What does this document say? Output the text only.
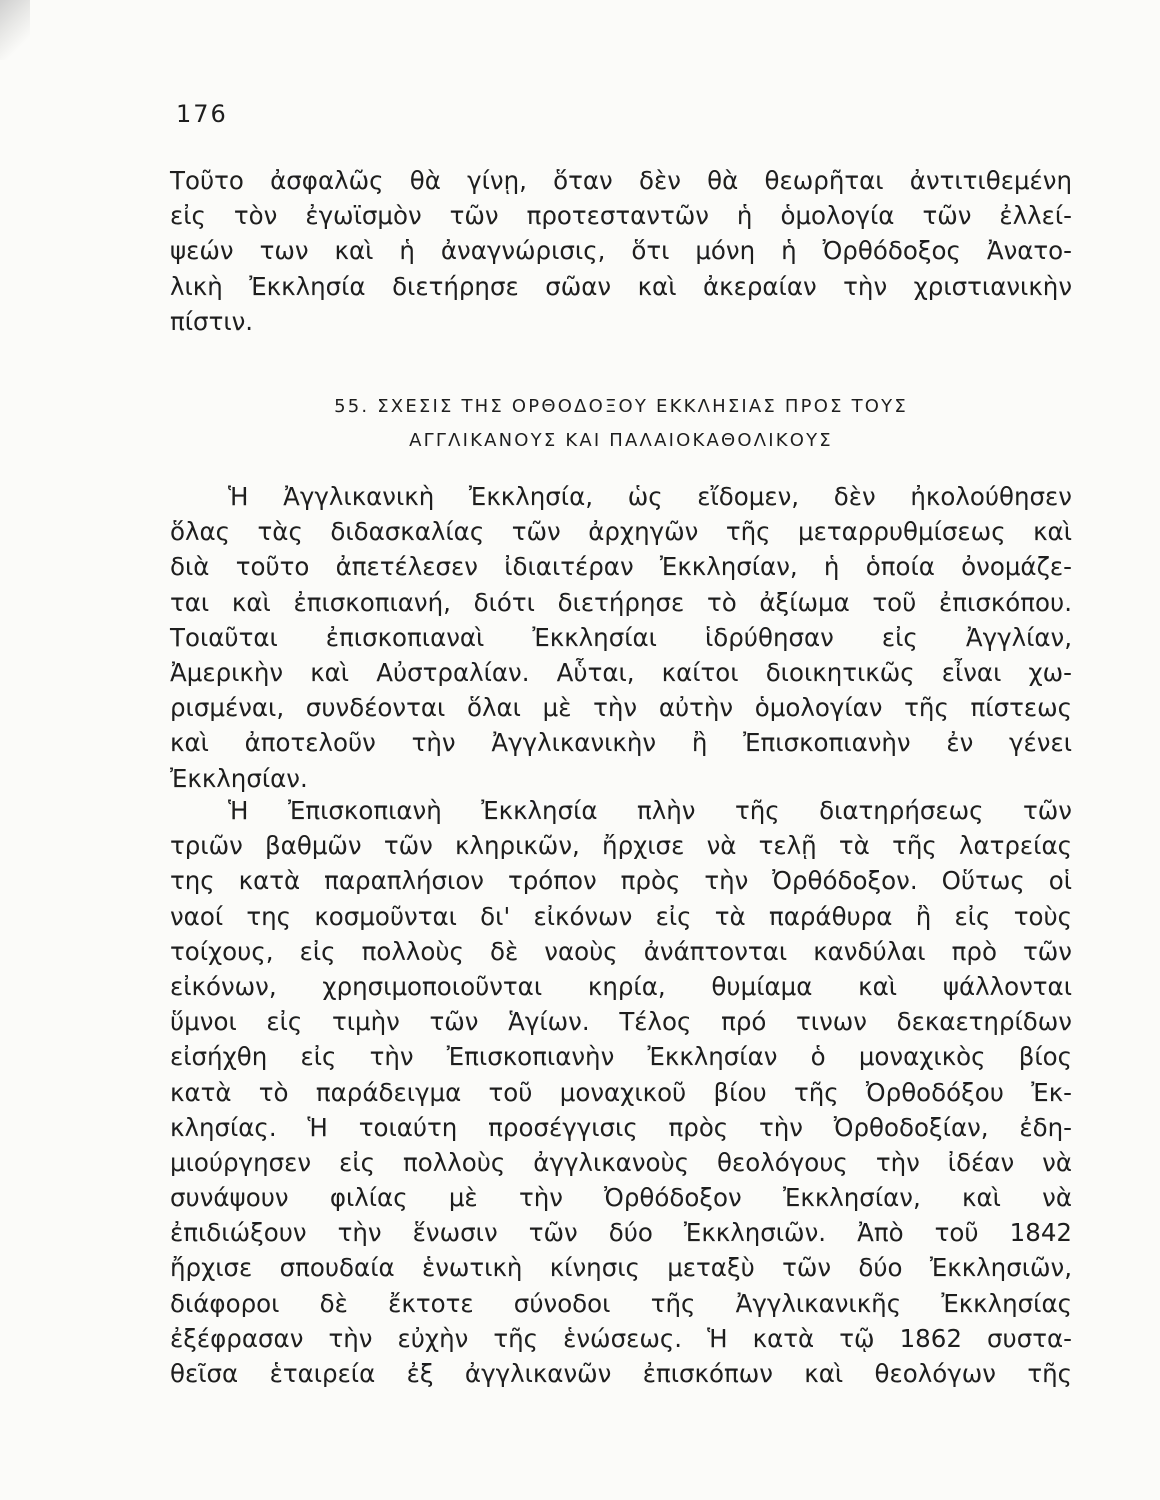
176
Τοῦτο ἀσφαλῶς θὰ γίνῃ, ὅταν δὲν θὰ θεωρῆται ἀντιτιθεμένη
εἰς τὸν ἐγωϊσμὸν τῶν προτεσταντῶν ἡ ὁμολογία τῶν ἐλλεί-
ψεών των καὶ ἡ ἀναγνώρισις, ὅτι μόνη ἡ Ὀρθόδοξος Ἀνατο-
λικὴ Ἐκκλησία διετήρησε σῶαν καὶ ἀκεραίαν τὴν χριστιανικὴν
πίστιν.
55. ΣΧΕΣΙΣ ΤΗΣ ΟΡΘΟΔΟΞΟΥ ΕΚΚΛΗΣΙΑΣ ΠΡΟΣ ΤΟΥΣ
ΑΓΓΛΙΚΑΝΟΥΣ ΚΑΙ ΠΑΛΑΙΟΚΑΘΟΛΙΚΟΥΣ
Ἡ Ἀγγλικανικὴ Ἐκκλησία, ὡς εἴδομεν, δὲν ἠκολούθησεν
ὅλας τὰς διδασκαλίας τῶν ἀρχηγῶν τῆς μεταρρυθμίσεως καὶ
διὰ τοῦτο ἀπετέλεσεν ἰδιαιτέραν Ἐκκλησίαν, ἡ ὁποία ὀνομάζε-
ται καὶ ἐπισκοπιανή, διότι διετήρησε τὸ ἀξίωμα τοῦ ἐπισκόπου.
Τοιαῦται ἐπισκοπιαναὶ Ἐκκλησίαι ἱδρύθησαν εἰς Ἀγγλίαν,
Ἀμερικὴν καὶ Αὐστραλίαν. Αὗται, καίτοι διοικητικῶς εἶναι χω-
ρισμέναι, συνδέονται ὅλαι μὲ τὴν αὐτὴν ὁμολογίαν τῆς πίστεως
καὶ ἀποτελοῦν τὴν Ἀγγλικανικὴν ἢ Ἐπισκοπιανὴν ἐν γένει
Ἐκκλησίαν.
Ἡ Ἐπισκοπιανὴ Ἐκκλησία πλὴν τῆς διατηρήσεως τῶν
τριῶν βαθμῶν τῶν κληρικῶν, ἤρχισε νὰ τελῇ τὰ τῆς λατρείας
της κατὰ παραπλήσιον τρόπον πρὸς τὴν Ὀρθόδοξον. Οὕτως οἱ
ναοί της κοσμοῦνται δι' εἰκόνων εἰς τὰ παράθυρα ἢ εἰς τοὺς
τοίχους, εἰς πολλοὺς δὲ ναοὺς ἀνάπτονται κανδύλαι πρὸ τῶν
εἰκόνων, χρησιμοποιοῦνται κηρία, θυμίαμα καὶ ψάλλονται
ὕμνοι εἰς τιμὴν τῶν Ἁγίων. Τέλος πρό τινων δεκαετηρίδων
εἰσήχθη εἰς τὴν Ἐπισκοπιανὴν Ἐκκλησίαν ὁ μοναχικὸς βίος
κατὰ τὸ παράδειγμα τοῦ μοναχικοῦ βίου τῆς Ὀρθοδόξου Ἐκ-
κλησίας. Ἡ τοιαύτη προσέγγισις πρὸς τὴν Ὀρθοδοξίαν, ἐδη-
μιούργησεν εἰς πολλοὺς ἀγγλικανοὺς θεολόγους τὴν ἰδέαν νὰ
συνάψουν φιλίας μὲ τὴν Ὀρθόδοξον Ἐκκλησίαν, καὶ νὰ
ἐπιδιώξουν τὴν ἕνωσιν τῶν δύο Ἐκκλησιῶν. Ἀπὸ τοῦ 1842
ἤρχισε σπουδαία ἑνωτικὴ κίνησις μεταξὺ τῶν δύο Ἐκκλησιῶν,
διάφοροι δὲ ἔκτοτε σύνοδοι τῆς Ἀγγλικανικῆς Ἐκκλησίας
ἐξέφρασαν τὴν εὐχὴν τῆς ἑνώσεως. Ἡ κατὰ τῷ 1862 συστα-
θεῖσα ἑταιρεία ἐξ ἀγγλικανῶν ἐπισκόπων καὶ θεολόγων τῆς
